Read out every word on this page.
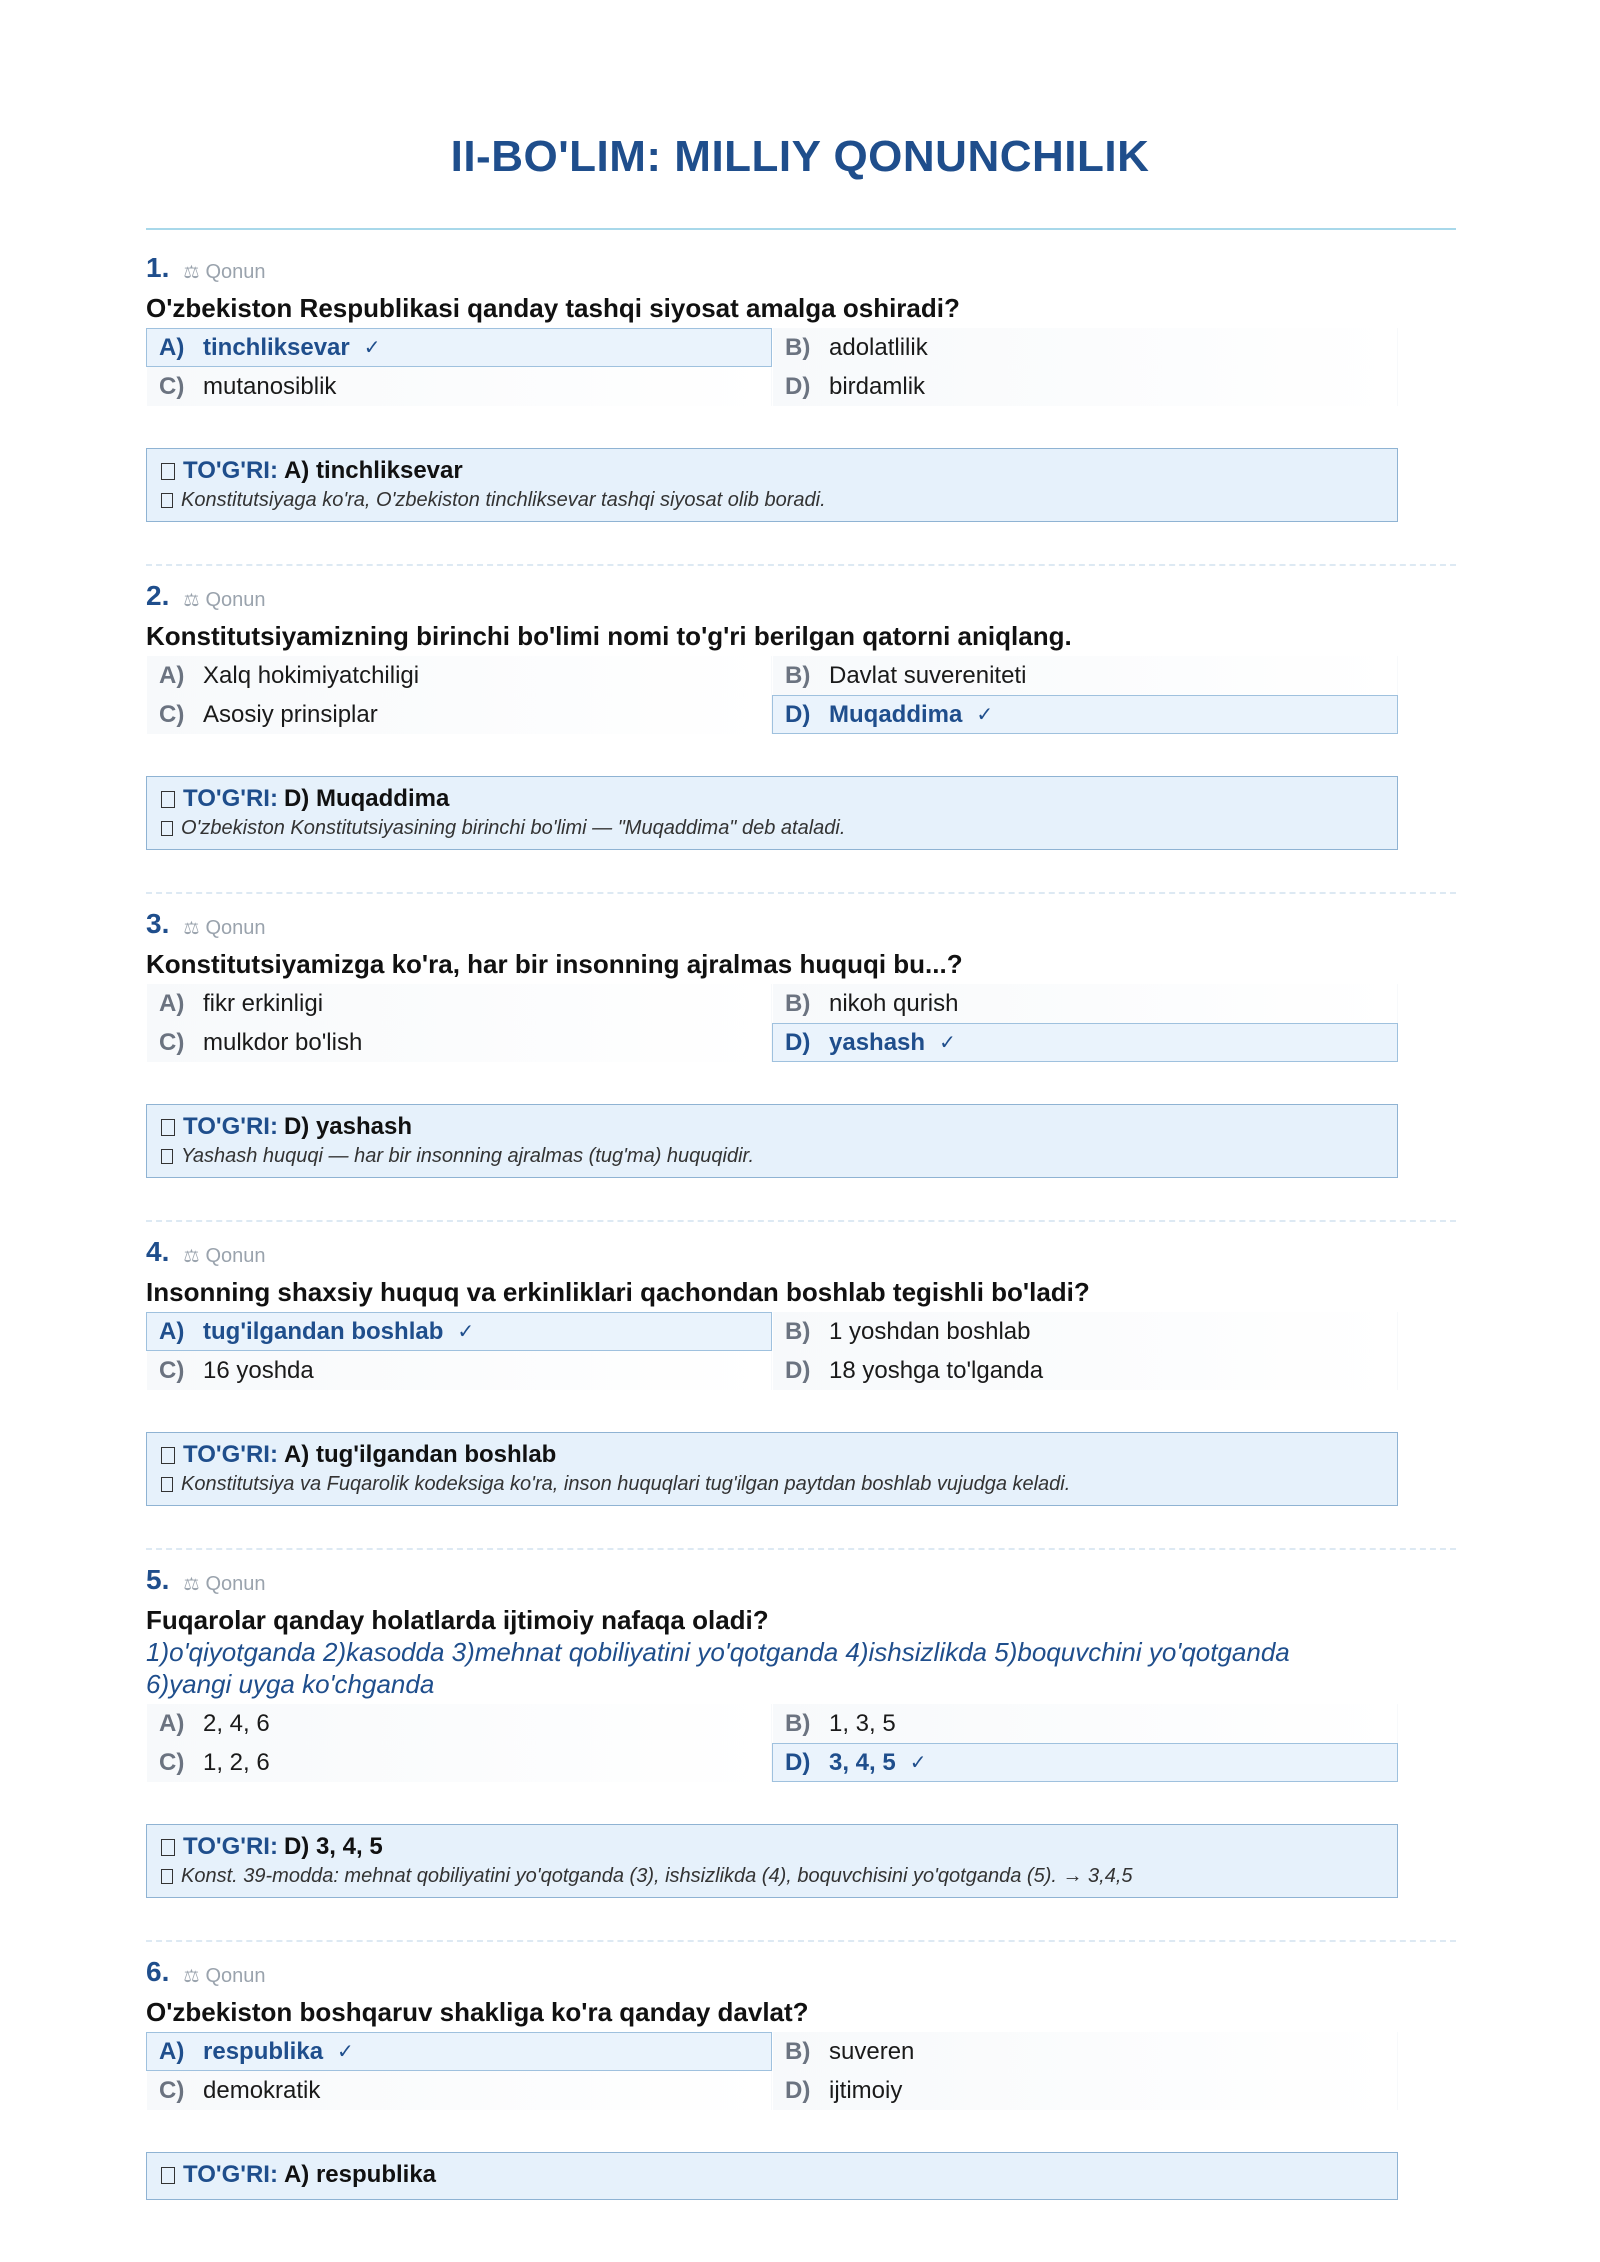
II-BO'LIM: MILLIY QONUNCHILIK
1. ⚖ Qonun
O'zbekiston Respublikasi qanday tashqi siyosat amalga oshiradi?
A) tinchliksevar ✓	B) adolatlilik
C) mutanosiblik	D) birdamlik
TO'G'RI: A) tinchliksevar
Konstitutsiyaga ko'ra, O'zbekiston tinchliksevar tashqi siyosat olib boradi.
2. ⚖ Qonun
Konstitutsiyamizning birinchi bo'limi nomi to'g'ri berilgan qatorni aniqlang.
A) Xalq hokimiyatchiligi	B) Davlat suvereniteti
C) Asosiy prinsiplar	D) Muqaddima ✓
TO'G'RI: D) Muqaddima
O'zbekiston Konstitutsiyasining birinchi bo'limi — "Muqaddima" deb ataladi.
3. ⚖ Qonun
Konstitutsiyamizga ko'ra, har bir insonning ajralmas huquqi bu...?
A) fikr erkinligi	B) nikoh qurish
C) mulkdor bo'lish	D) yashash ✓
TO'G'RI: D) yashash
Yashash huquqi — har bir insonning ajralmas (tug'ma) huquqidir.
4. ⚖ Qonun
Insonning shaxsiy huquq va erkinliklari qachondan boshlab tegishli bo'ladi?
A) tug'ilgandan boshlab ✓	B) 1 yoshdan boshlab
C) 16 yoshda	D) 18 yoshga to'lganda
TO'G'RI: A) tug'ilgandan boshlab
Konstitutsiya va Fuqarolik kodeksiga ko'ra, inson huquqlari tug'ilgan paytdan boshlab vujudga keladi.
5. ⚖ Qonun
Fuqarolar qanday holatlarda ijtimoiy nafaqa oladi?
1)o'qiyotganda 2)kasodda 3)mehnat qobiliyatini yo'qotganda 4)ishsizlikda 5)boquvchini yo'qotganda 6)yangi uyga ko'chganda
A) 2, 4, 6	B) 1, 3, 5
C) 1, 2, 6	D) 3, 4, 5 ✓
TO'G'RI: D) 3, 4, 5
Konst. 39-modda: mehnat qobiliyatini yo'qotganda (3), ishsizlikda (4), boquvchisini yo'qotganda (5). → 3,4,5
6. ⚖ Qonun
O'zbekiston boshqaruv shakliga ko'ra qanday davlat?
A) respublika ✓	B) suveren
C) demokratik	D) ijtimoiy
TO'G'RI: A) respublika
